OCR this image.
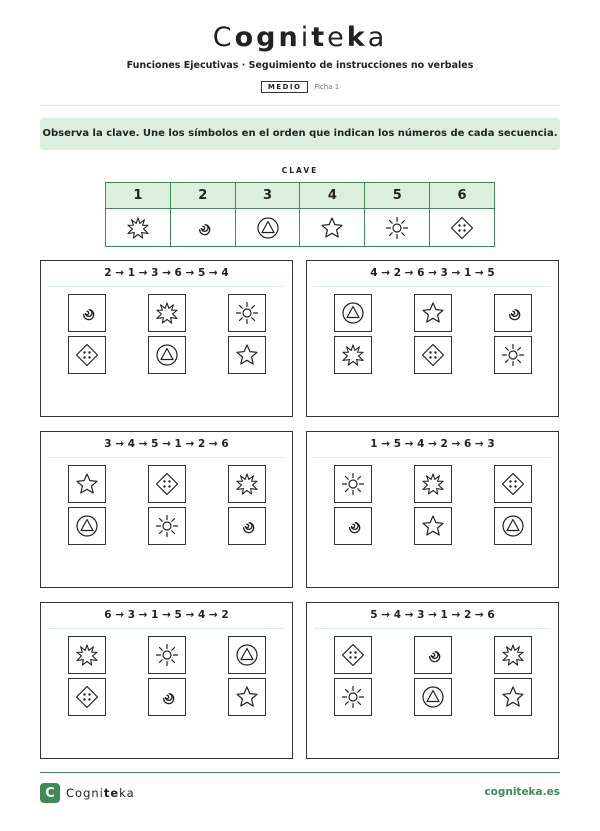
Cogniteka
Funciones Ejecutivas · Seguimiento de instrucciones no verbales
MEDIO Ficha 1
Observa la clave. Une los símbolos en el orden que indican los números de cada secuencia.
CLAVE
1	2	3	4	5	6

2 → 1 → 3 → 6 → 5 → 4	4 → 2 → 6 → 3 → 1 → 5
3 → 4 → 5 → 1 → 2 → 6	1 → 5 → 4 → 2 → 6 → 3
6 → 3 → 1 → 5 → 4 → 2	5 → 4 → 3 → 1 → 2 → 6
C Cogniteka	cogniteka.es
